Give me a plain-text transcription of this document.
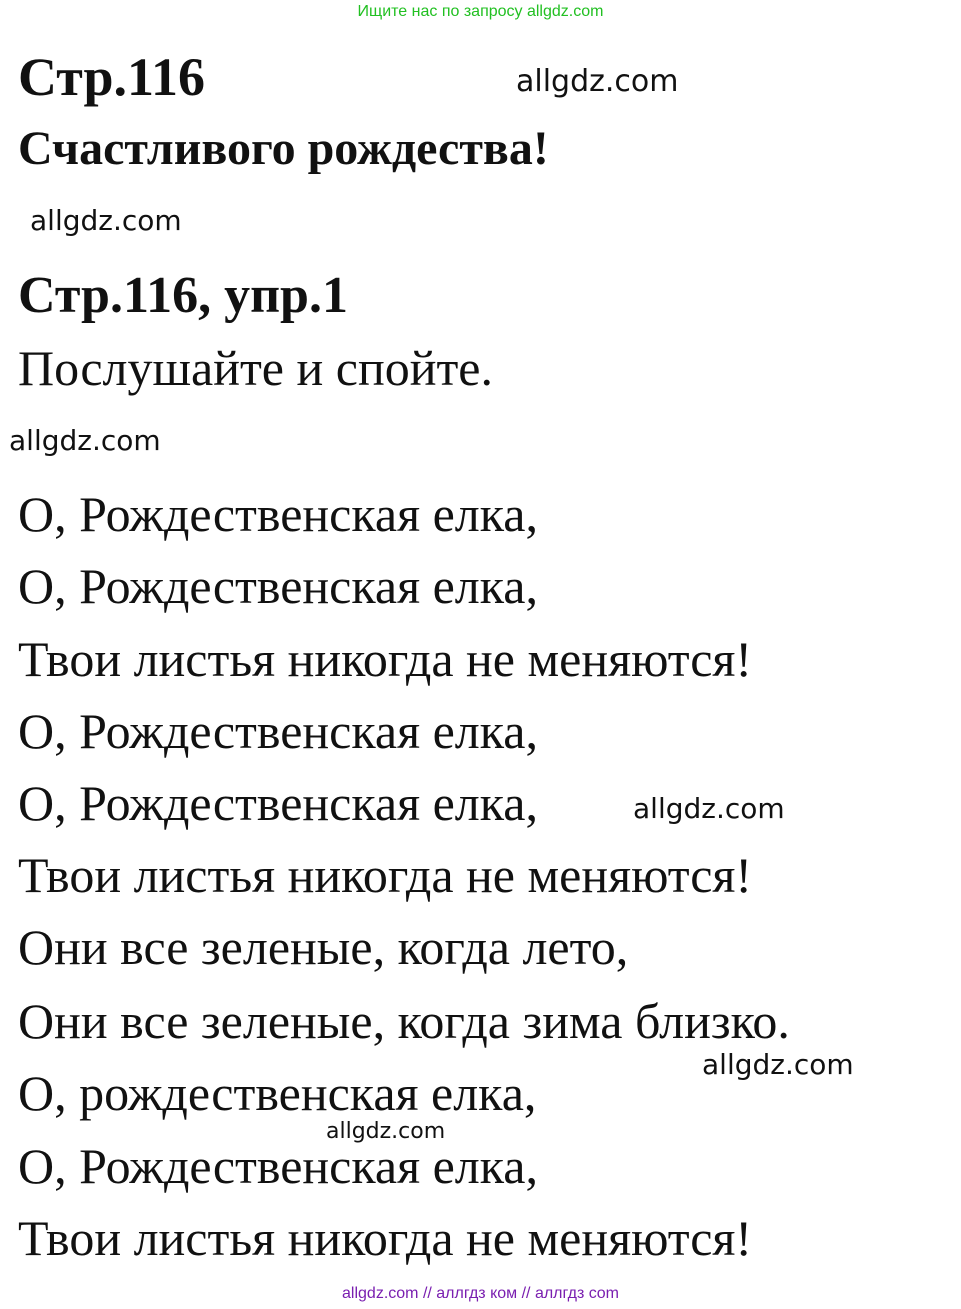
Ищите нас по запросу allgdz.com
Стр.116	allgdz.com
Счастливого рождества!
allgdz.com
Стр.116, упр.1
Послушайте и спойте.
allgdz.com
О, Рождественская елка,
О, Рождественская елка,
Твои листья никогда не меняются!
О, Рождественская елка,
О, Рождественская елка,
Твои листья никогда не меняются!
Они все зеленые, когда лето,
Они все зеленые, когда зима близко.
О, рождественская елка,
О, Рождественская елка,
Твои листья никогда не меняются!
allgdz.com
allgdz.com
allgdz.com
allgdz.com // аллгдз ком // аллгдз com
